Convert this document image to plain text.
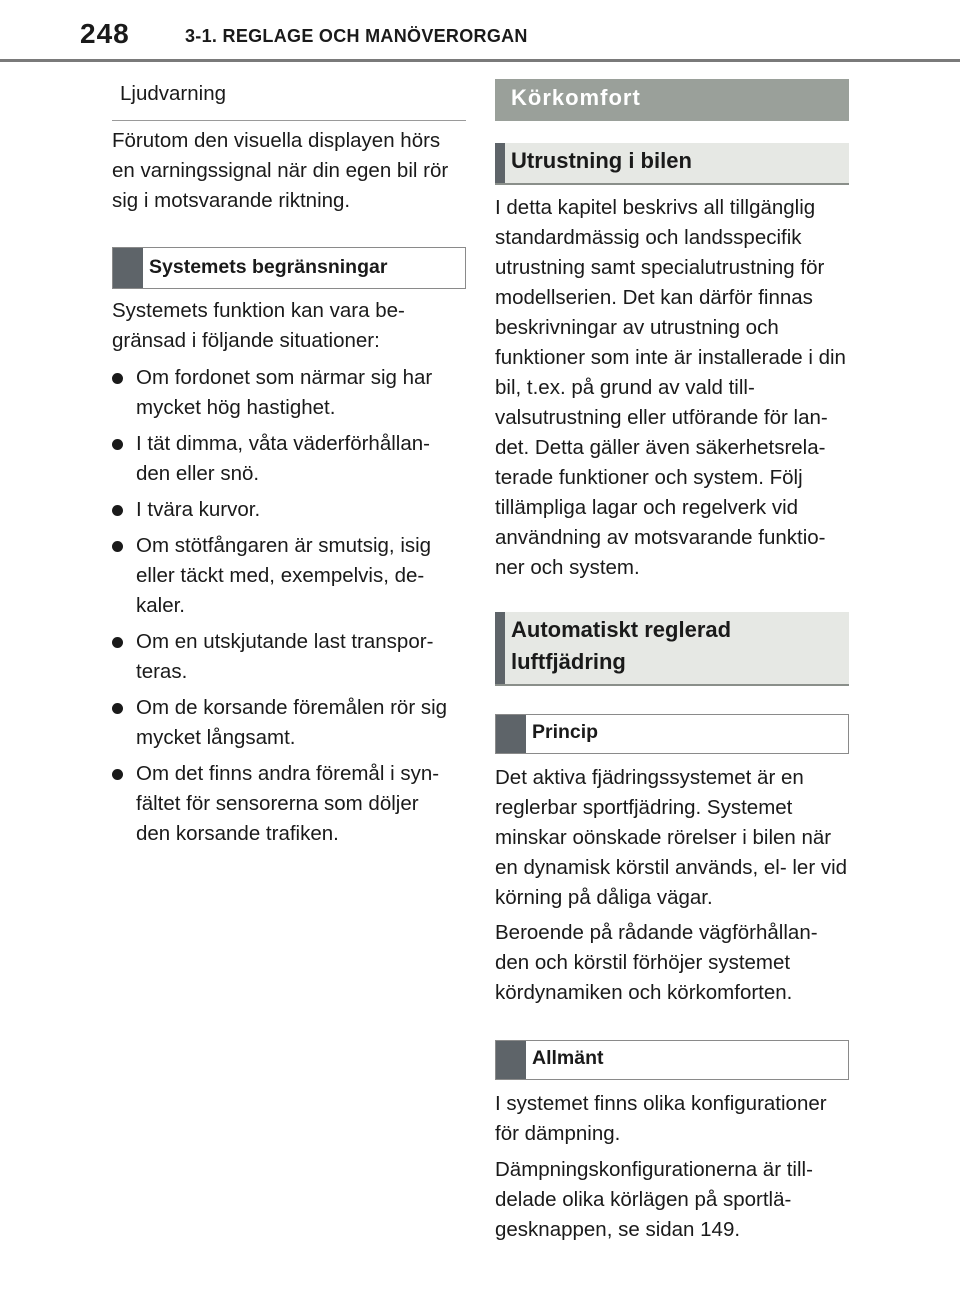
248	3-1. REGLAGE OCH MANÖVERORGAN
Ljudvarning

Förutom den visuella displayen hörs en varningssignal när din egen bil rör sig i motsvarande riktning.

Systemets begränsningar

Systemets funktion kan vara be- gränsad i följande situationer:

Om fordonet som närmar sig har mycket hög hastighet.
I tät dimma, våta väderförhållan- den eller snö.
I tvära kurvor.
Om stötfångaren är smutsig, isig eller täckt med, exempelvis, de- kaler.
Om en utskjutande last transpor- teras.
Om de korsande föremålen rör sig mycket långsamt.
Om det finns andra föremål i syn- fältet för sensorerna som döljer den korsande trafiken.
Körkomfort
Utrustning i bilen

I detta kapitel beskrivs all tillgänglig standardmässig och landsspecifik utrustning samt specialutrustning för modellserien. Det kan därför finnas beskrivningar av utrustning och funktioner som inte är installerade i din bil, t.ex. på grund av vald till- valsutrustning eller utförande för lan- det. Detta gäller även säkerhetsrela- terade funktioner och system. Följ tillämpliga lagar och regelverk vid användning av motsvarande funktio- ner och system.

Automatiskt reglerad
luftfjädring
Princip

Det aktiva fjädringssystemet är en reglerbar sportfjädring. Systemet minskar oönskade rörelser i bilen när en dynamisk körstil används, el- ler vid körning på dåliga vägar.

Beroende på rådande vägförhållan- den och körstil förhöjer systemet kördynamiken och körkomforten.

Allmänt

I systemet finns olika konfigurationer för dämpning.

Dämpningskonfigurationerna är till- delade olika körlägen på sportlä- gesknappen, se sidan 149.
